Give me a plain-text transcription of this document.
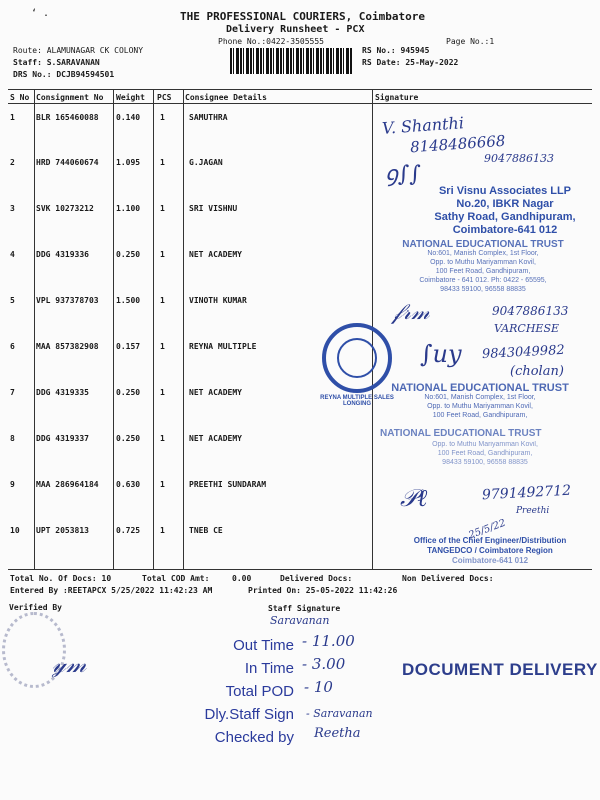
‘ .	THE PROFESSIONAL COURIERS, Coimbatore
Delivery Runsheet - PCX
Phone No.:0422-3505555	Page No.:1
Route: ALAMUNAGAR CK COLONY
Staff: S.SARAVANAN
DRS No.: DCJB94594501
RS No.: 945945
RS Date: 25-May-2022
S No Consignment No Weight PCS Consignee Details	Signature
1	BLR 165460088 0.140 1	SAMUTHRA
2	HRD 744060674 1.095 1	G.JAGAN
3	SVK 10273212	1.100 1	SRI VISHNU
4	DDG 4319336	0.250 1	NET ACADEMY
5	VPL 937378703 1.500 1	VINOTH KUMAR
6	MAA 857382908 0.157 1	REYNA MULTIPLE
7	DDG 4319335	0.250 1	NET ACADEMY
8	DDG 4319337	0.250 1	NET ACADEMY
9	MAA 286964184 0.630 1	PREETHI SUNDARAM
10 UPT 2053813	0.725 1	TNEB CE
V. Shanthi
8148486668
9047886133
ꝯ∫∫
Sri Visnu Associates LLP
No.20, IBKR Nagar
Sathy Road, Gandhipuram,
Coimbatore-641 012
NATIONAL EDUCATIONAL TRUST
No:601, Manish Complex, 1st Floor,
Opp. to Muthu Mariyamman Kovil,
100 Feet Road, Gandhipuram,
Coimbatore - 641 012. Ph: 0422 - 65595,
98433 59100, 96558 88835
𝒻𝓇𝓂	9047886133
VARCHESE
REYNA MULTIPLE SALES LONGING
∫uy 9843049982
(cholan)
NATIONAL EDUCATIONAL TRUST
No:601, Manish Complex, 1st Floor,
Opp. to Muthu Mariyamman Kovil,
100 Feet Road, Gandhipuram,
NATIONAL EDUCATIONAL TRUST
Opp. to Muthu Mariyamman Kovil,
100 Feet Road, Gandhipuram,
98433 59100, 96558 88835
𝒫ℓ	9791492712
Preethi
25/5/22
Office of the Chief Engineer/Distribution
TANGEDCO / Coimbatore Region
Coimbatore-641 012
Total No. Of Docs: 10	Total COD Amt:	0.00	Delivered Docs:	Non Delivered Docs:
Entered By :REETAPCX 5/25/2022 11:42:23 AM	Printed On: 25-05-2022 11:42:26
Verified By	Staff Signature
Saravanan
𝓎𝓂
Out Time - 11.00
In Time - 3.00
Total POD - 10
Dly.Staff Sign - Saravanan
Checked by Reetha
DOCUMENT DELIVERY
